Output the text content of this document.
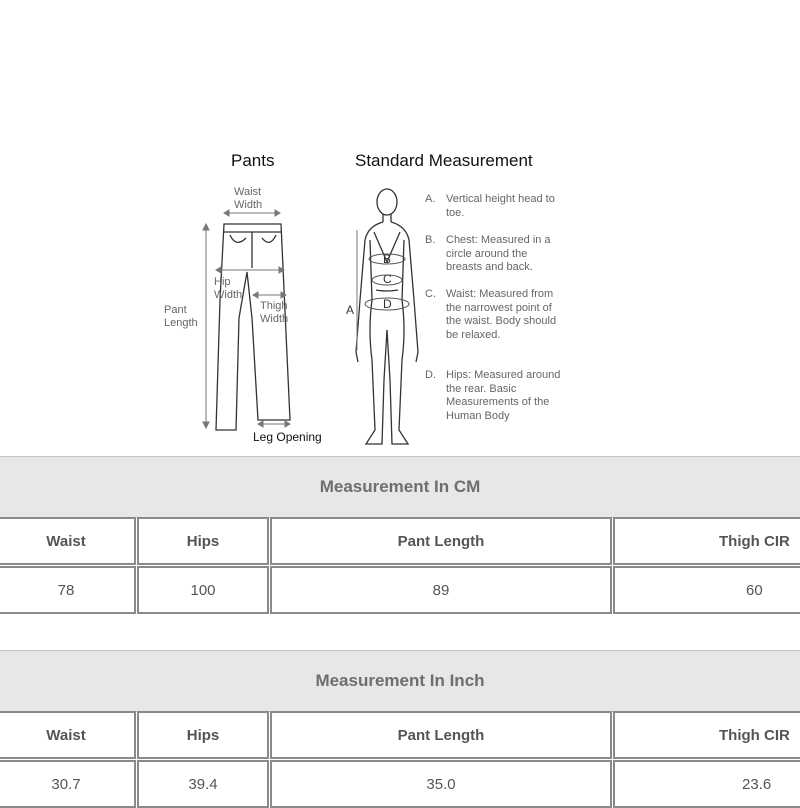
Pants	Standard Measurement
Waist
Width
Hip
Width
Thigh
Width
Pant
Length
Leg Opening
A
B
C
D
A. Vertical height head to toe.
B. Chest: Measured in a circle around the breasts and back.
C. Waist: Measured from the narrowest point of the waist. Body should be relaxed.
D. Hips: Measured around the rear. Basic Measurements of the Human Body
Measurement In CM
Waist	Hips	Pant Length	Thigh CIR
78	100	89	60
Measurement In Inch
Waist	Hips	Pant Length	Thigh CIR
30.7	39.4	35.0	23.6
